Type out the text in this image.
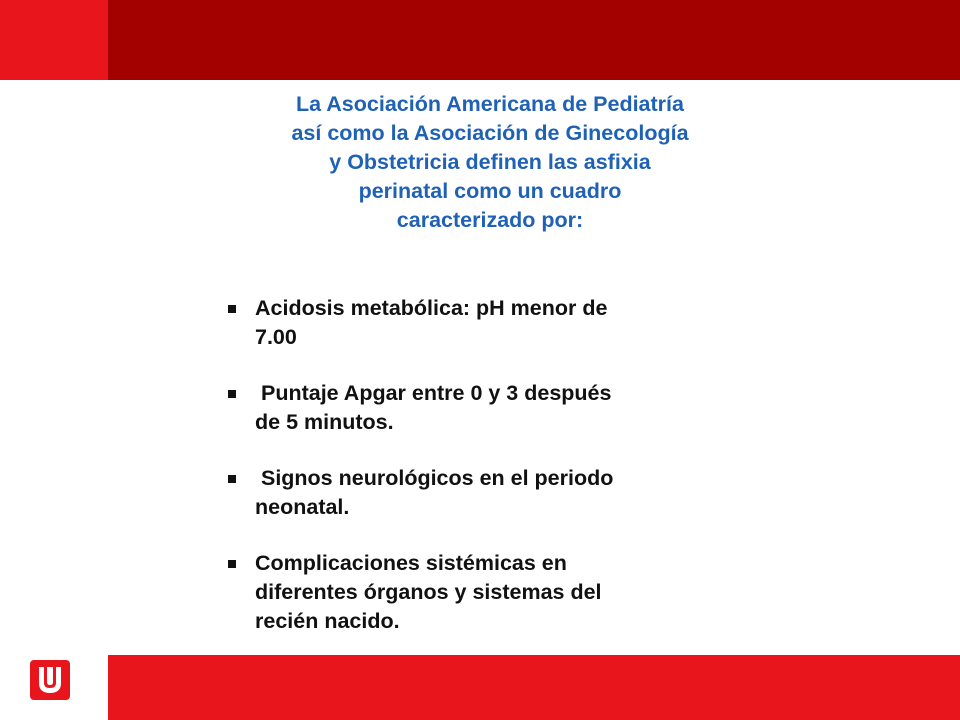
La Asociación Americana de Pediatría
así como la Asociación de Ginecología
y Obstetricia definen las asfixia
perinatal como un cuadro
caracterizado por:
Acidosis metabólica: pH menor de
7.00
Puntaje Apgar entre 0 y 3 después
de 5 minutos.
Signos neurológicos en el periodo
neonatal.
Complicaciones sistémicas en
diferentes órganos y sistemas del
recién nacido.
